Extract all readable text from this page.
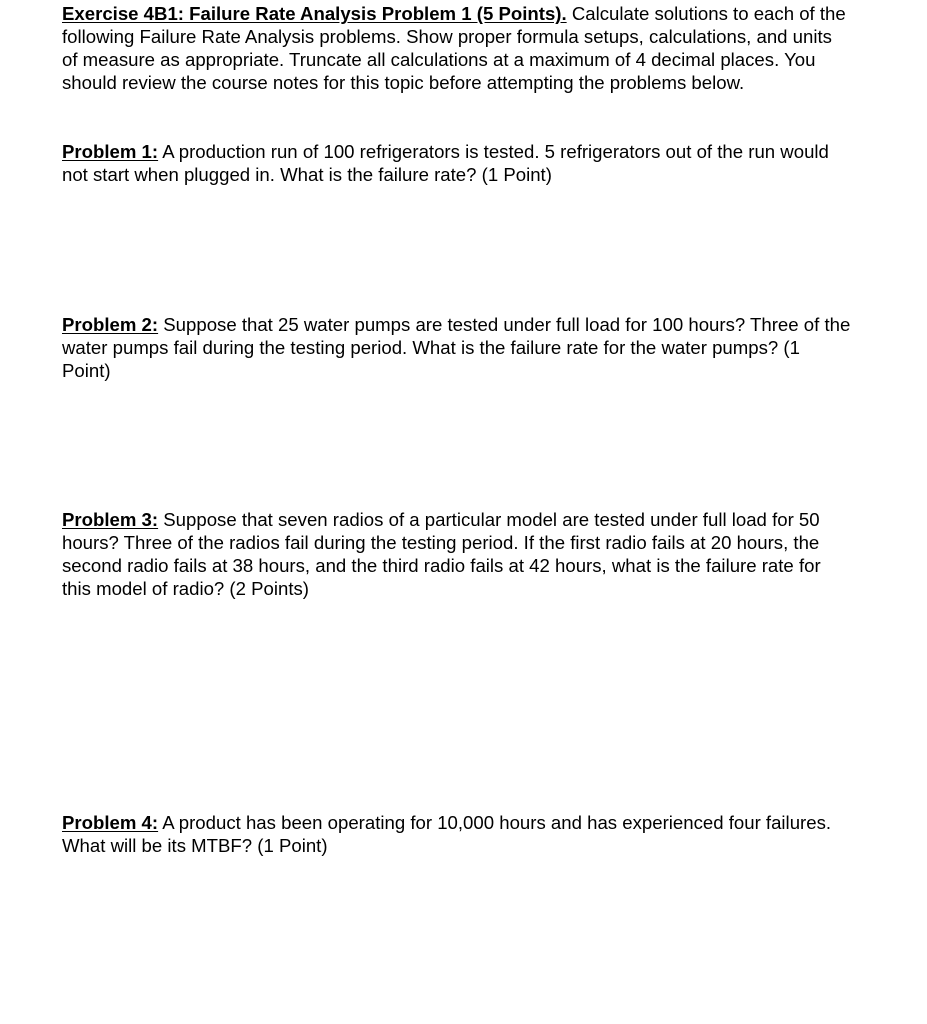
Exercise 4B1: Failure Rate Analysis Problem 1 (5 Points). Calculate solutions to each of the following Failure Rate Analysis problems. Show proper formula setups, calculations, and units of measure as appropriate. Truncate all calculations at a maximum of 4 decimal places. You should review the course notes for this topic before attempting the problems below.

Problem 1: A production run of 100 refrigerators is tested. 5 refrigerators out of the run would not start when plugged in. What is the failure rate? (1 Point)

Problem 2: Suppose that 25 water pumps are tested under full load for 100 hours? Three of the water pumps fail during the testing period. What is the failure rate for the water pumps? (1 Point)

Problem 3: Suppose that seven radios of a particular model are tested under full load for 50 hours? Three of the radios fail during the testing period. If the first radio fails at 20 hours, the second radio fails at 38 hours, and the third radio fails at 42 hours, what is the failure rate for this model of radio? (2 Points)

Problem 4: A product has been operating for 10,000 hours and has experienced four failures. What will be its MTBF? (1 Point)
